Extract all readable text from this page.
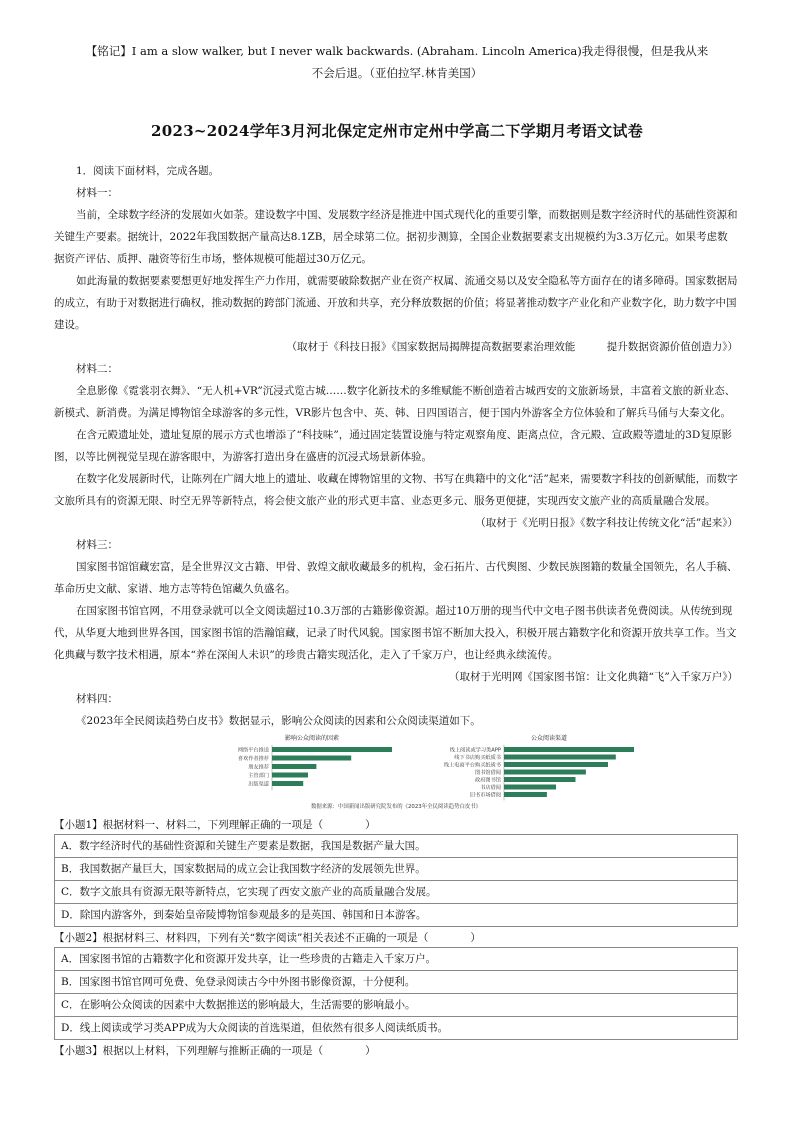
【铭记】I am a slow walker, but I never walk backwards. (Abraham. Lincoln America)我走得很慢，但是我从来
不会后退。（亚伯拉罕.林肯美国）
2023~2024学年3月河北保定定州市定州中学高二下学期月考语文试卷

1．阅读下面材料，完成各题。

材料一：

当前，全球数字经济的发展如火如荼。建设数字中国、发展数字经济是推进中国式现代化的重要引擎，而数据则是数字经济时代的基础性资源和关键生产要素。据统计，2022年我国数据产量高达8.1ZB，居全球第二位。据初步测算，全国企业数据要素支出规模约为3.3万亿元。如果考虑数据资产评估、质押、融资等衍生市场，整体规模可能超过30万亿元。

如此海量的数据要素要想更好地发挥生产力作用，就需要破除数据产业在资产权属、流通交易以及安全隐私等方面存在的诸多障碍。国家数据局的成立，有助于对数据进行确权，推动数据的跨部门流通、开放和共享，充分释放数据的价值；将显著推动数字产业化和产业数字化，助力数字中国建设。

（取材于《科技日报》《国家数据局揭牌提高数据要素治理效能　　　提升数据资源价值创造力》）

材料二：

全息影像《霓裳羽衣舞》、“无人机+VR”沉浸式览古城……数字化新技术的多维赋能不断创造着古城西安的文旅新场景，丰富着文旅的新业态、新模式、新消费。为满足博物馆全球游客的多元性，VR影片包含中、英、韩、日四国语言，便于国内外游客全方位体验和了解兵马俑与大秦文化。

在含元殿遗址处，遗址复原的展示方式也增添了“科技味”，通过固定装置设施与特定观察角度、距离点位，含元殿、宣政殿等遗址的3D复原影图，以等比例视觉呈现在游客眼中，为游客打造出身在盛唐的沉浸式场景新体验。

在数字化发展新时代，让陈列在广阔大地上的遗址、收藏在博物馆里的文物、书写在典籍中的文化“活”起来，需要数字科技的创新赋能，而数字文旅所具有的资源无限、时空无界等新特点，将会使文旅产业的形式更丰富、业态更多元、服务更便捷，实现西安文旅产业的高质量融合发展。

（取材于《光明日报》《数字科技让传统文化“活”起来》）

材料三：

国家图书馆馆藏宏富，是全世界汉文古籍、甲骨、敦煌文献收藏最多的机构，金石拓片、古代舆图、少数民族图籍的数量全国领先，名人手稿、革命历史文献、家谱、地方志等特色馆藏久负盛名。

在国家图书馆官网，不用登录就可以全文阅读超过10.3万部的古籍影像资源。超过10万册的现当代中文电子图书供读者免费阅读。从传统到现代，从华夏大地到世界各国，国家图书馆的浩瀚馆藏，记录了时代风貌。国家图书馆不断加大投入，积极开展古籍数字化和资源开放共享工作。当文化典藏与数字技术相遇，原本“养在深闺人未识”的珍贵古籍实现活化，走入了千家万户，也让经典永续流传。

（取材于光明网《国家图书馆：让文化典籍“飞”入千家万户》）

材料四：

《2023年全民阅读趋势白皮书》数据显示，影响公众阅读的因素和公众阅读渠道如下。

影响公众阅读的因素
网络平台推送
喜欢作者推荐
朋友推荐
主管部门
出版渠道
公众阅读渠道
线上阅读或学习类APP
线下书店购买纸质书
线上电商平台购买纸质书
图书馆借阅
政府图书馆
书店借阅
旧书市场借阅
数据来源：中国新闻出版研究院发布的《2023年全民阅读趋势白皮书》

【小题1】根据材料一、材料二，下列理解正确的一项是（　　　　）

A．数字经济时代的基础性资源和关键生产要素是数据，我国是数据产量大国。
B．我国数据产量巨大，国家数据局的成立会让我国数字经济的发展领先世界。
C．数字文旅具有资源无限等新特点，它实现了西安文旅产业的高质量融合发展。
D．除国内游客外，到秦始皇帝陵博物馆参观最多的是英国、韩国和日本游客。

【小题2】根据材料三、材料四，下列有关“数字阅读”相关表述不正确的一项是（　　　　）

A．国家图书馆的古籍数字化和资源开发共享，让一些珍贵的古籍走入千家万户。
B．国家图书馆官网可免费、免登录阅读古今中外图书影像资源，十分便利。
C．在影响公众阅读的因素中大数据推送的影响最大，生活需要的影响最小。
D．线上阅读或学习类APP成为大众阅读的首选渠道，但依然有很多人阅读纸质书。

【小题3】根据以上材料，下列理解与推断正确的一项是（　　　　）
